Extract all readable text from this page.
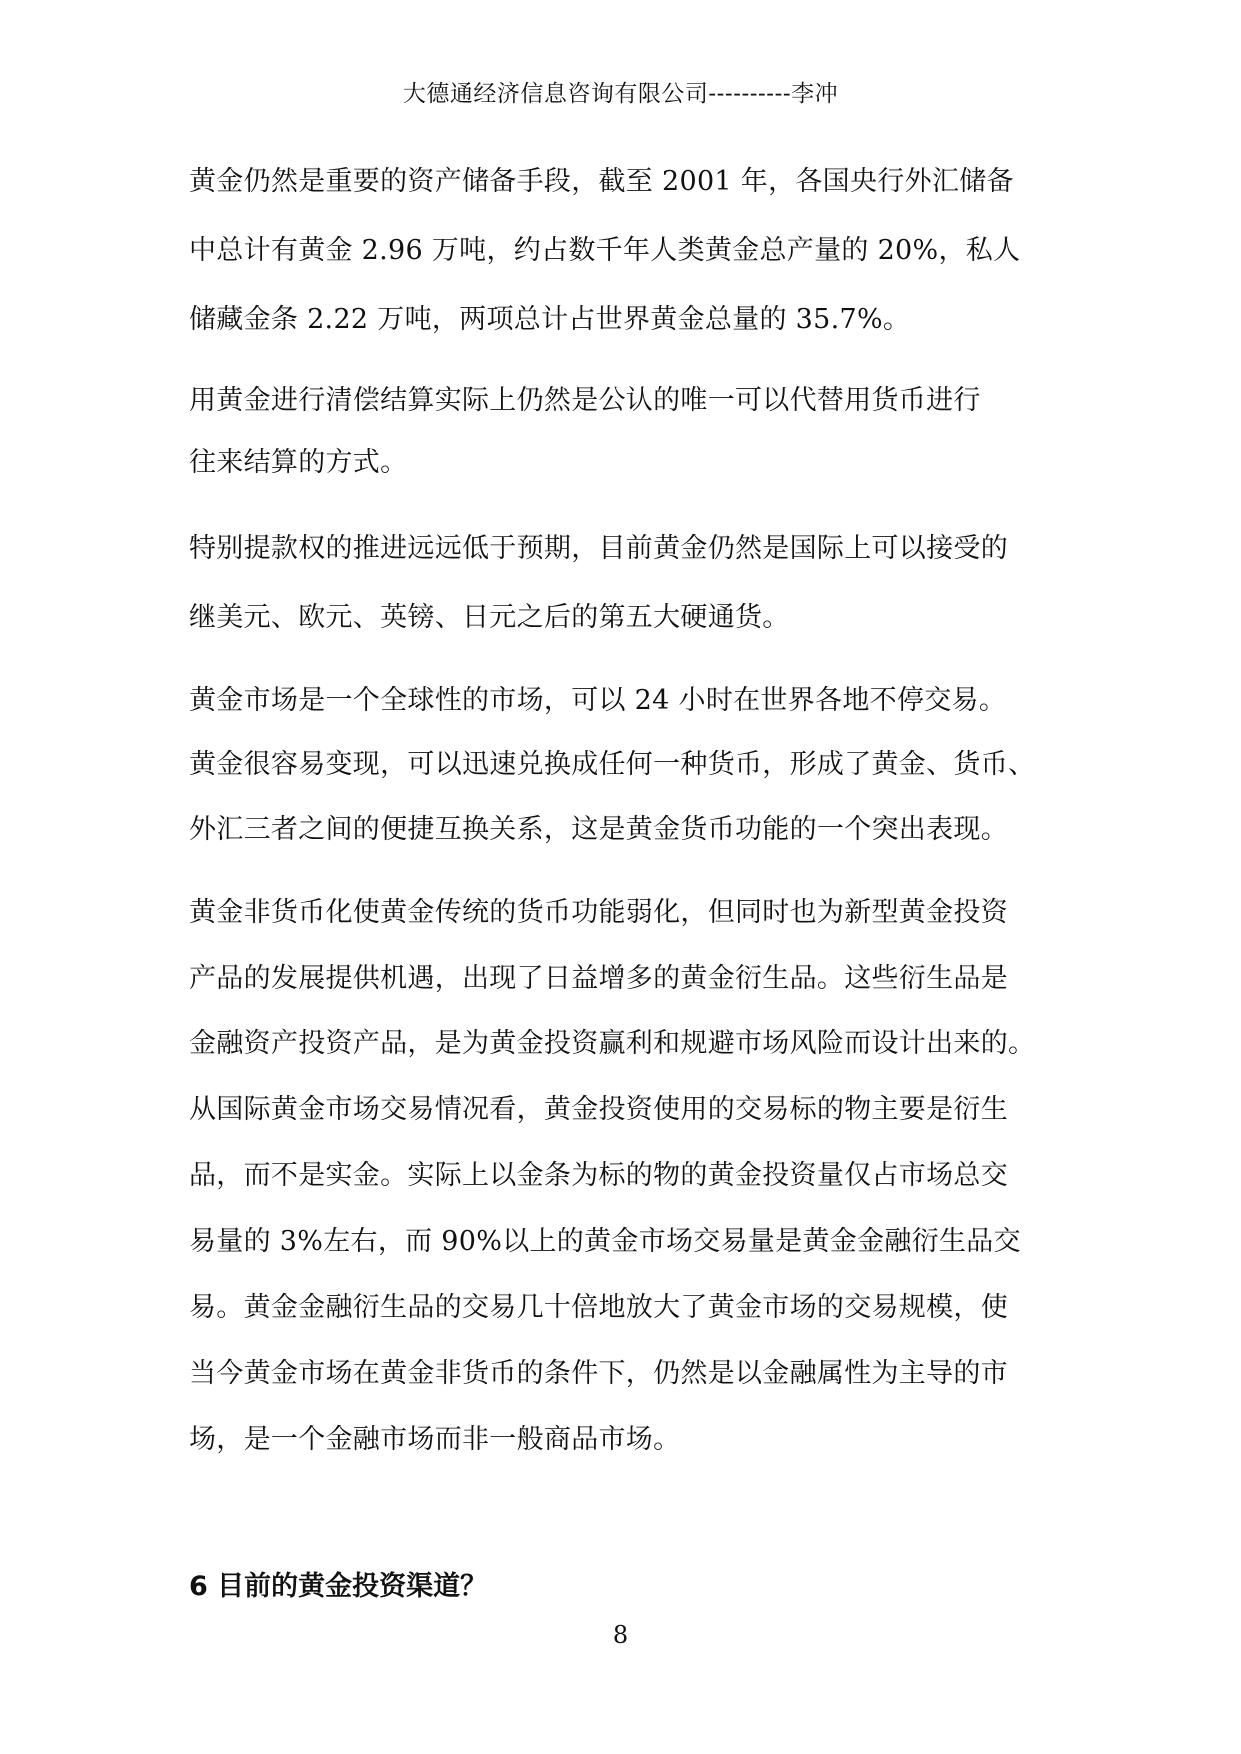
大德通经济信息咨询有限公司----------李冲
黄金仍然是重要的资产储备手段，截至 2001 年，各国央行外汇储备
中总计有黄金 2.96 万吨，约占数千年人类黄金总产量的 20%，私人
储藏金条 2.22 万吨，两项总计占世界黄金总量的 35.7%。
用黄金进行清偿结算实际上仍然是公认的唯一可以代替用货币进行
往来结算的方式。
特别提款权的推进远远低于预期，目前黄金仍然是国际上可以接受的
继美元、欧元、英镑、日元之后的第五大硬通货。
黄金市场是一个全球性的市场，可以 24 小时在世界各地不停交易。
黄金很容易变现，可以迅速兑换成任何一种货币，形成了黄金、货币、
外汇三者之间的便捷互换关系，这是黄金货币功能的一个突出表现。
黄金非货币化使黄金传统的货币功能弱化，但同时也为新型黄金投资
产品的发展提供机遇，出现了日益增多的黄金衍生品。这些衍生品是
金融资产投资产品，是为黄金投资赢利和规避市场风险而设计出来的。
从国际黄金市场交易情况看，黄金投资使用的交易标的物主要是衍生
品，而不是实金。实际上以金条为标的物的黄金投资量仅占市场总交
易量的 3%左右，而 90%以上的黄金市场交易量是黄金金融衍生品交
易。黄金金融衍生品的交易几十倍地放大了黄金市场的交易规模，使
当今黄金市场在黄金非货币的条件下，仍然是以金融属性为主导的市
场，是一个金融市场而非一般商品市场。
6 目前的黄金投资渠道？
8
